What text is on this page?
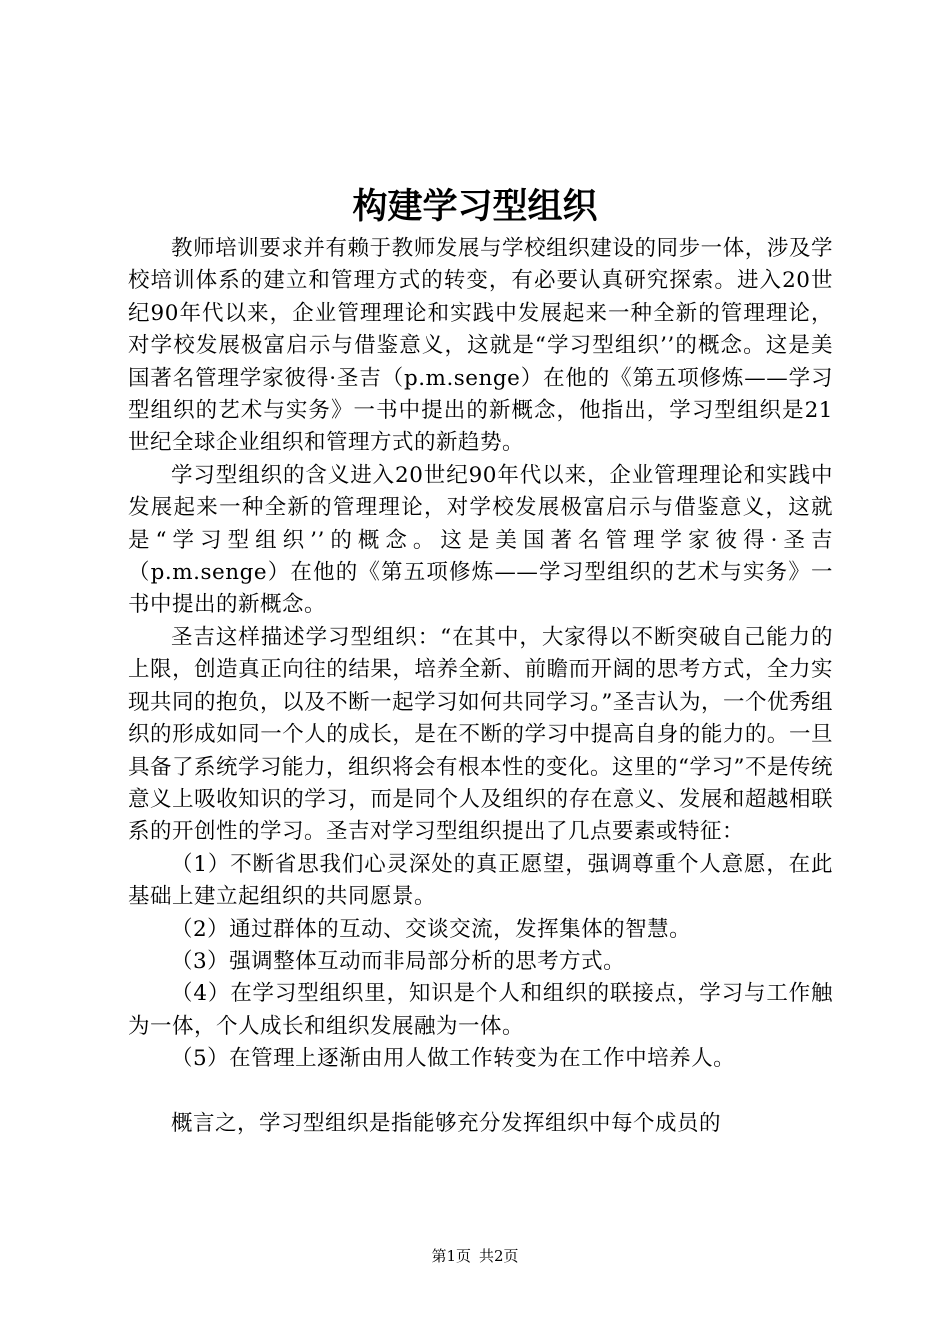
构建学习型组织

教师培训要求并有赖于教师发展与学校组织建设的同步一体，涉及学校培训体系的建立和管理方式的转变，有必要认真研究探索。进入20世纪90年代以来，企业管理理论和实践中发展起来一种全新的管理理论，对学校发展极富启示与借鉴意义，这就是“学习型组织’’的概念。这是美国著名管理学家彼得·圣吉（p.m.senge）在他的《第五项修炼——学习型组织的艺术与实务》一书中提出的新概念，他指出，学习型组织是21世纪全球企业组织和管理方式的新趋势。

学习型组织的含义进入20世纪90年代以来，企业管理理论和实践中发展起来一种全新的管理理论，对学校发展极富启示与借鉴意义，这就是“学习型组织’’的概念。这是美国著名管理学家彼得·圣吉（p.m.senge）在他的《第五项修炼——学习型组织的艺术与实务》一书中提出的新概念。

圣吉这样描述学习型组织：“在其中，大家得以不断突破自己能力的上限，创造真正向往的结果，培养全新、前瞻而开阔的思考方式，全力实现共同的抱负，以及不断一起学习如何共同学习。”圣吉认为，一个优秀组织的形成如同一个人的成长，是在不断的学习中提高自身的能力的。一旦具备了系统学习能力，组织将会有根本性的变化。这里的“学习”不是传统意义上吸收知识的学习，而是同个人及组织的存在意义、发展和超越相联系的开创性的学习。圣吉对学习型组织提出了几点要素或特征：

（1）不断省思我们心灵深处的真正愿望，强调尊重个人意愿，在此基础上建立起组织的共同愿景。

（2）通过群体的互动、交谈交流，发挥集体的智慧。

（3）强调整体互动而非局部分析的思考方式。

（4）在学习型组织里，知识是个人和组织的联接点，学习与工作触为一体，个人成长和组织发展融为一体。

（5）在管理上逐渐由用人做工作转变为在工作中培养人。

概言之，学习型组织是指能够充分发挥组织中每个成员的

第1页 共2页
